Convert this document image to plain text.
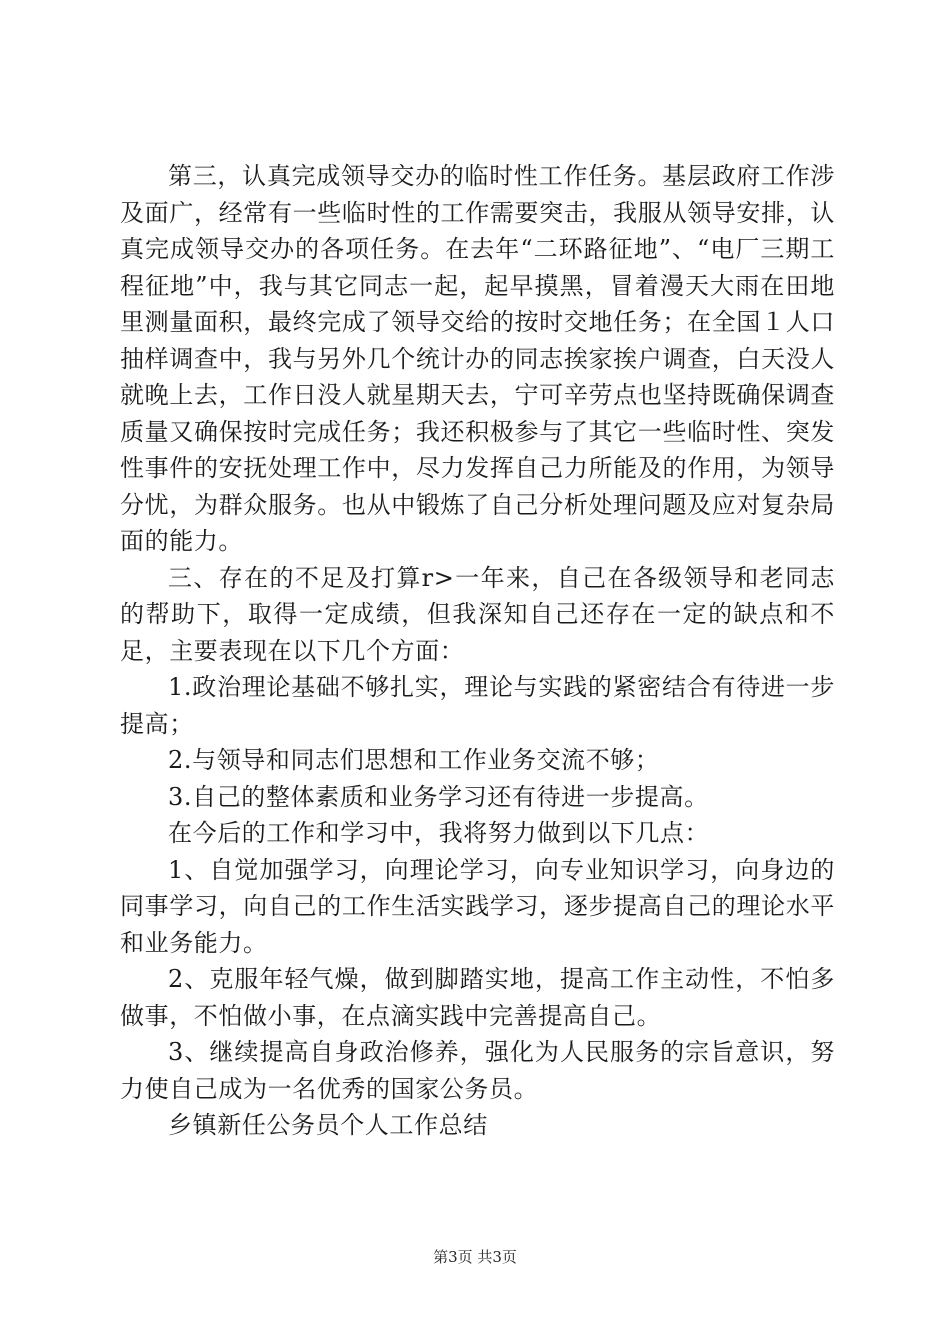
第三，认真完成领导交办的临时性工作任务。基层政府工作涉及面广，经常有一些临时性的工作需要突击，我服从领导安排，认真完成领导交办的各项任务。在去年“二环路征地”、“电厂三期工程征地”中，我与其它同志一起，起早摸黑，冒着漫天大雨在田地里测量面积，最终完成了领导交给的按时交地任务；在全国１人口抽样调查中，我与另外几个统计办的同志挨家挨户调查，白天没人就晚上去，工作日没人就星期天去，宁可辛劳点也坚持既确保调查质量又确保按时完成任务；我还积极参与了其它一些临时性、突发性事件的安抚处理工作中，尽力发挥自己力所能及的作用，为领导分忧，为群众服务。也从中锻炼了自己分析处理问题及应对复杂局面的能力。

三、存在的不足及打算r>一年来，自己在各级领导和老同志的帮助下，取得一定成绩，但我深知自己还存在一定的缺点和不足，主要表现在以下几个方面：

1.政治理论基础不够扎实，理论与实践的紧密结合有待进一步提高；

2.与领导和同志们思想和工作业务交流不够；

3.自己的整体素质和业务学习还有待进一步提高。

在今后的工作和学习中，我将努力做到以下几点：

1、自觉加强学习，向理论学习，向专业知识学习，向身边的同事学习，向自己的工作生活实践学习，逐步提高自己的理论水平和业务能力。

2、克服年轻气燥，做到脚踏实地，提高工作主动性，不怕多做事，不怕做小事，在点滴实践中完善提高自己。

3、继续提高自身政治修养，强化为人民服务的宗旨意识，努力使自己成为一名优秀的国家公务员。

乡镇新任公务员个人工作总结

第3页 共3页
